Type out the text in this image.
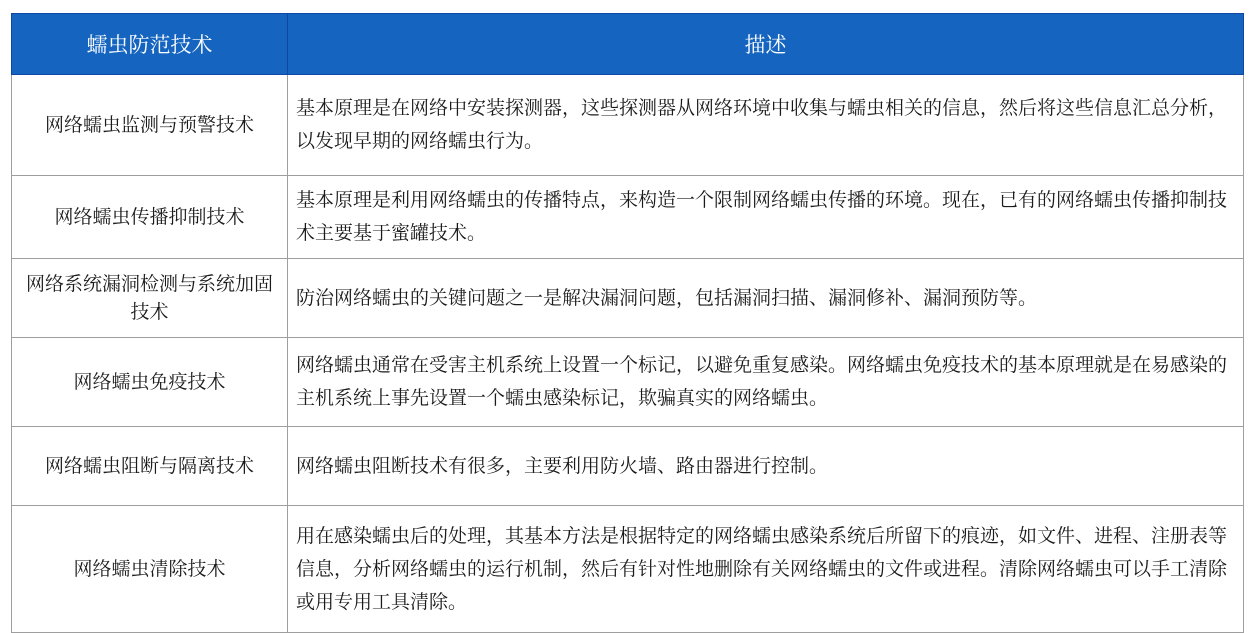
蠕虫防范技术	描述
网络蠕虫监测与预警技术	基本原理是在网络中安装探测器，这些探测器从网络环境中收集与蠕虫相关的信息，然后将这些信息汇总分析，以发现早期的网络蠕虫行为。
网络蠕虫传播抑制技术	基本原理是利用网络蠕虫的传播特点，来构造一个限制网络蠕虫传播的环境。现在，已有的网络蠕虫传播抑制技术主要基于蜜罐技术。
网络系统漏洞检测与系统加固技术	防治网络蠕虫的关键问题之一是解决漏洞问题，包括漏洞扫描、漏洞修补、漏洞预防等。
网络蠕虫免疫技术	网络蠕虫通常在受害主机系统上设置一个标记，以避免重复感染。网络蠕虫免疫技术的基本原理就是在易感染的主机系统上事先设置一个蠕虫感染标记，欺骗真实的网络蠕虫。
网络蠕虫阻断与隔离技术	网络蠕虫阻断技术有很多，主要利用防火墙、路由器进行控制。
网络蠕虫清除技术	用在感染蠕虫后的处理，其基本方法是根据特定的网络蠕虫感染系统后所留下的痕迹，如文件、进程、注册表等信息，分析网络蠕虫的运行机制，然后有针对性地删除有关网络蠕虫的文件或进程。清除网络蠕虫可以手工清除或用专用工具清除。
